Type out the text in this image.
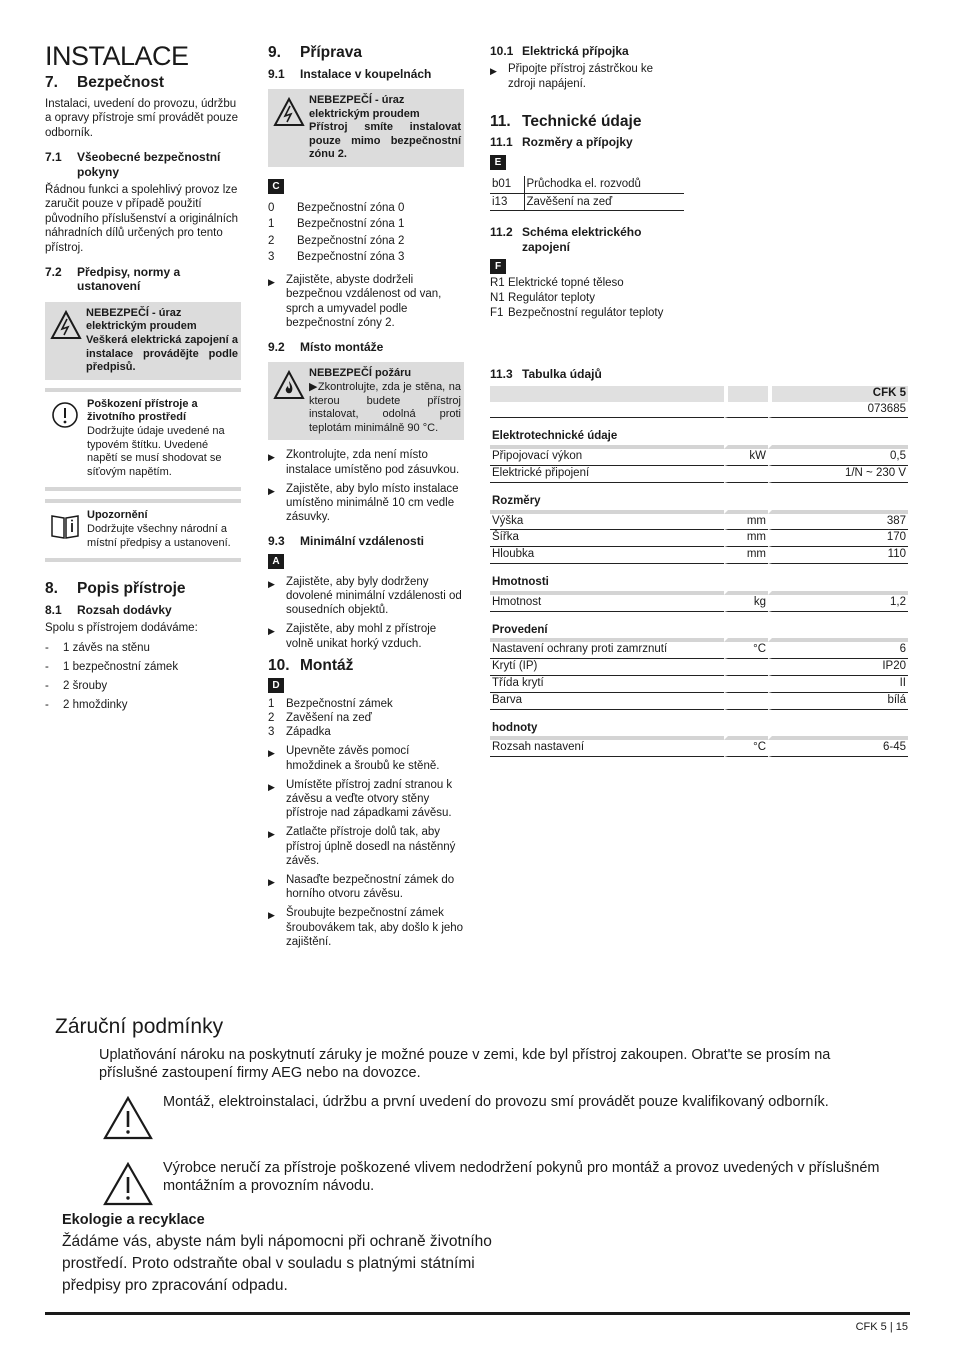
INSTALACE
7.	Bezpečnost
Instalaci, uvedení do provozu, údržbu a opravy přístroje smí provádět pouze odborník.
7.1	Všeobecné bezpečnostní pokyny
Řádnou funkci a spolehlivý provoz lze zaručit pouze v případě použití původního příslušenství a originálních náhradních dílů určených pro tento přístroj.
7.2	Předpisy, normy a ustanovení
NEBEZPEČÍ - úraz elektrickým proudem
Veškerá elektrická zapojení a instalace provádějte podle předpisů.
Poškození přístroje a životního prostředí
Dodržujte údaje uvedené na typovém štítku. Uvedené napětí se musí shodovat se síťovým napětím.
Upozornění
Dodržujte všechny národní a místní předpisy a ustanovení.
8.	Popis přístroje
8.1	Rozsah dodávky
Spolu s přístrojem dodáváme:
-	1 závěs na stěnu
-	1 bezpečnostní zámek
-	2 šrouby
-	2 hmoždinky
9.	Příprava
9.1	Instalace v koupelnách
NEBEZPEČÍ - úraz elektrickým proudem
Přístroj smíte instalovat pouze mimo bezpečnostní zónu 2.
C
0	Bezpečnostní zóna 0
1	Bezpečnostní zóna 1
2	Bezpečnostní zóna 2
3	Bezpečnostní zóna 3
▶ Zajistěte, abyste dodrželi bezpečnou vzdálenost od van, sprch a umyvadel podle bezpečnostní zóny 2.
9.2	Místo montáže
NEBEZPEČÍ požáru
▶Zkontrolujte, zda je stěna, na kterou budete přístroj instalovat, odolná proti teplotám minimálně 90 °C.
▶ Zkontrolujte, zda není místo instalace umístěno pod zásuvkou.
▶ Zajistěte, aby bylo místo instalace umístěno minimálně 10 cm vedle zásuvky.
9.3	Minimální vzdálenosti
A
▶ Zajistěte, aby byly dodrženy dovolené minimální vzdálenosti od sousedních objektů.
▶ Zajistěte, aby mohl z přístroje volně unikat horký vzduch.
10. Montáž
D
1	Bezpečnostní zámek
2	Zavěšení na zeď
3	Západka
▶ Upevněte závěs pomocí hmoždinek a šroubů ke stěně.
▶ Umístěte přístroj zadní stranou k závěsu a veďte otvory stěny přístroje nad západkami závěsu.
▶ Zatlačte přístroje dolů tak, aby přístroj úplně dosedl na nástěnný závěs.
▶ Nasaďte bezpečnostní zámek do horního otvoru závěsu.
▶ Šroubujte bezpečnostní zámek šroubovákem tak, aby došlo k jeho zajištění.
10.1 Elektrická přípojka
▶ Připojte přístroj zástrčkou ke zdroji napájení.
11. Technické údaje
11.1 Rozměry a přípojky
E
b01	Průchodka el. rozvodů
i13	Zavěšení na zeď
11.2 Schéma elektrického zapojení
F
R1 Elektrické topné těleso
N1 Regulátor teploty
F1 Bezpečnostní regulátor teploty
11.3 Tabulka údajů
		CFK 5
		073685
Elektrotechnické údaje		
Připojovací výkon	kW	0,5
Elektrické připojení		1/N ~ 230 V
Rozměry		
Výška	mm	387
Šířka	mm	170
Hloubka	mm	110
Hmotnosti		
Hmotnost	kg	1,2
Provedení		
Nastavení ochrany proti zamrznutí	°C	6
Krytí (IP)		IP20
Třída krytí		II
Barva		bílá
hodnoty		
Rozsah nastavení	°C	6-45
Záruční podmínky
Uplatňování nároku na poskytnutí záruky je možné pouze v zemi, kde byl přístroj zakoupen. Obrat'te se prosím na příslušné zastoupení firmy AEG nebo na dovozce.
Montáž, elektroinstalaci, údržbu a první uvedení do provozu smí provádět pouze kvalifikovaný odborník.
Výrobce neručí za přístroje poškozené vlivem nedodržení pokynů pro montáž a provoz uvedených v příslušném montážním a provozním návodu.
Ekologie a recyklace
Žádáme vás, abyste nám byli nápomocni při ochraně životního
prostředí. Proto odstraňte obal v souladu s platnými státními
předpisy pro zpracování odpadu.
CFK 5 | 15
